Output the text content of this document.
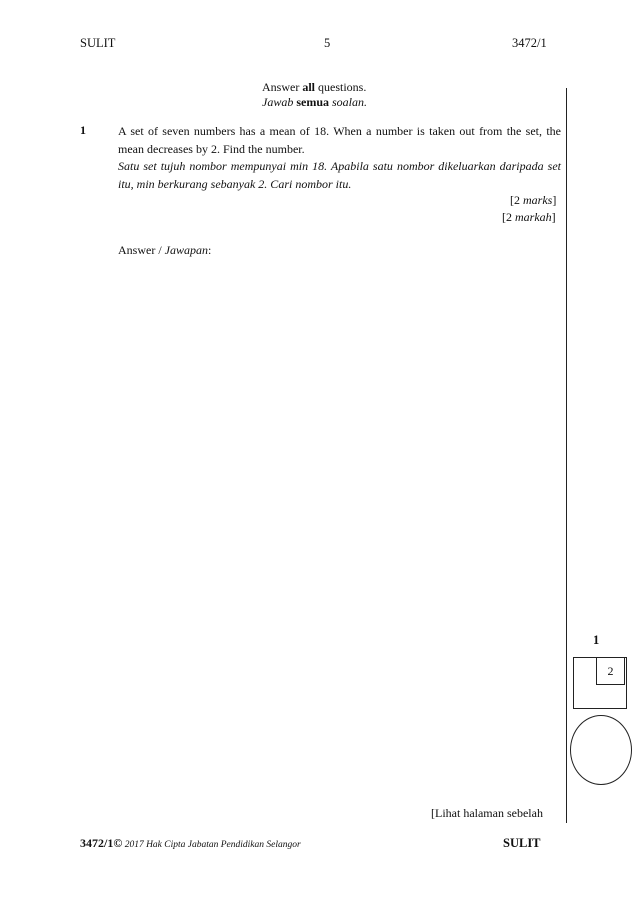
SULIT	5	3472/1
Answer all questions.
Jawab semua soalan.
1	A set of seven numbers has a mean of 18. When a number is taken out from the set, the mean decreases by 2. Find the number.

Satu set tujuh nombor mempunyai min 18. Apabila satu nombor dikeluarkan daripada set itu, min berkurang sebanyak 2. Cari nombor itu.

[2 marks]
[2 markah]
Answer / Jawapan:
1
2
[Lihat halaman sebelah
3472/1© 2017 Hak Cipta Jabatan Pendidikan Selangor	SULIT
